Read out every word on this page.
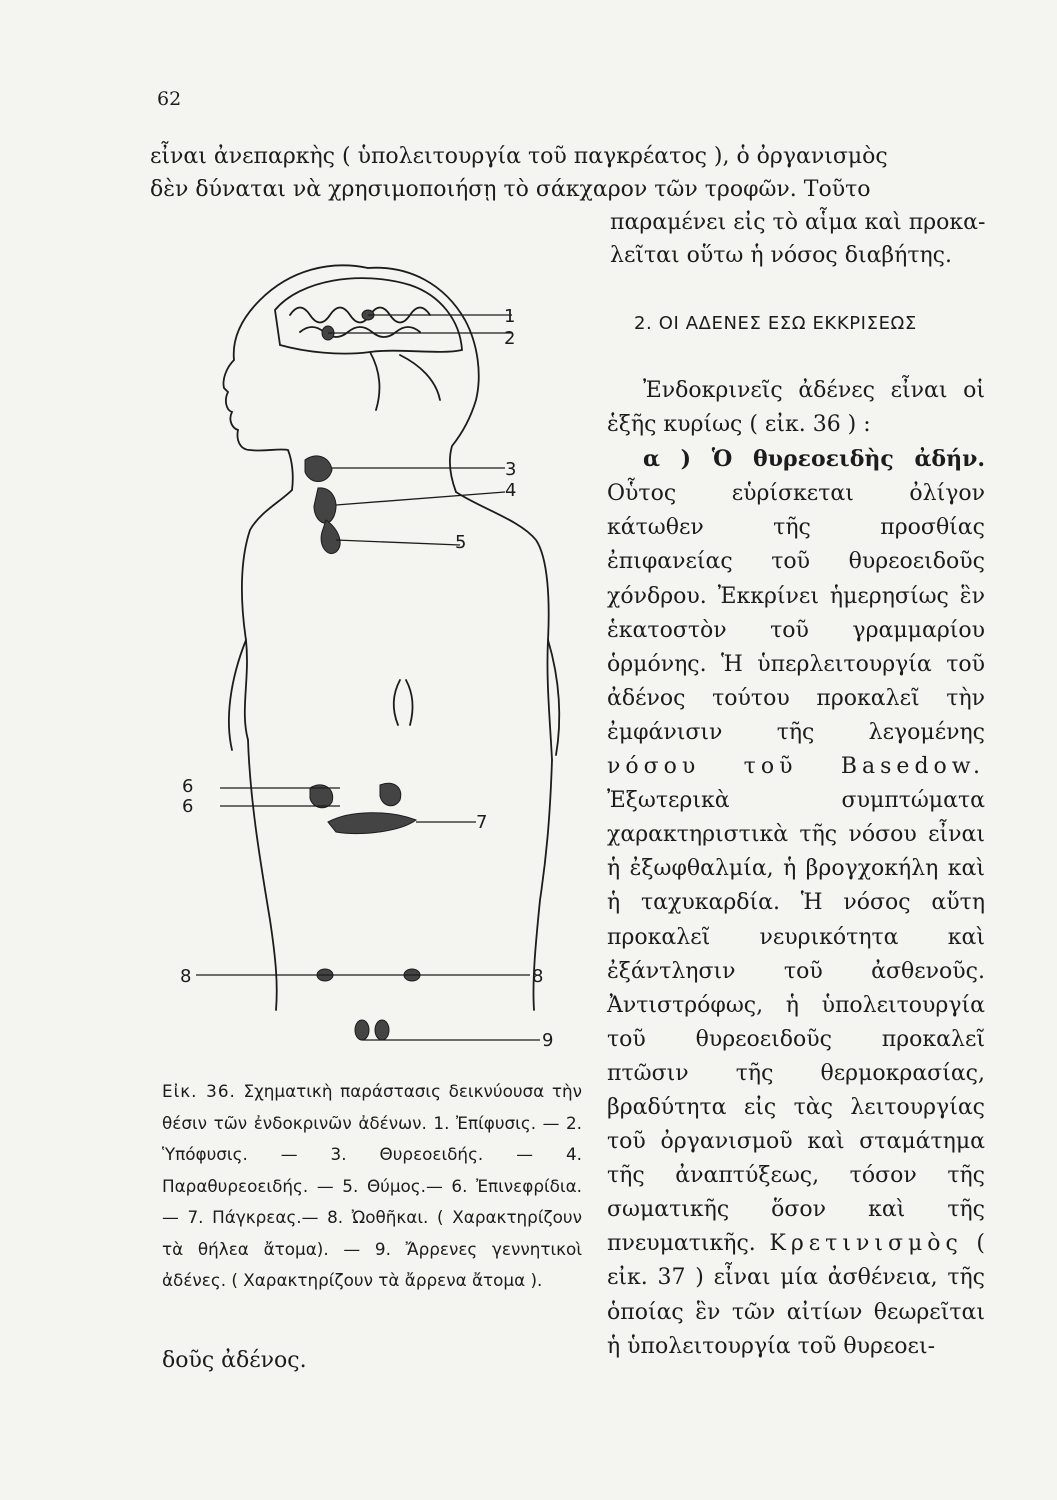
62
εἶναι ἀνεπαρκὴς ( ὑπολειτουργία τοῦ παγκρέατος ), ὁ ὀργανισμὸς
δὲν δύναται νὰ χρησιμοποιήσῃ τὸ σάκχαρον τῶν τροφῶν. Τοῦτο
παραμένει εἰς τὸ αἷμα καὶ προκα-
λεῖται οὕτω ἡ νόσος διαβήτης.
2. ΟΙ ΑΔΕΝΕΣ ΕΣΩ ΕΚΚΡΙΣΕΩΣ

Ἐνδοκρινεῖς ἀδένες εἶναι οἱ ἑξῆς κυρίως ( εἰκ. 36 ) :

α ) Ὁ θυρεοειδὴς ἀδήν. Οὗτος εὑρίσκεται ὀλίγον κάτωθεν τῆς προσθίας ἐπιφανείας τοῦ θυρεοειδοῦς χόνδρου. Ἐκκρίνει ἡμερησίως ἓν ἑκατοστὸν τοῦ γραμμαρίου ὁρμόνης. Ἡ ὑπερλειτουργία τοῦ ἀδένος τούτου προκαλεῖ τὴν ἐμφάνισιν τῆς λεγομένης νόσου τοῦ Basedow. Ἐξωτερικὰ συμπτώματα χαρακτηριστικὰ τῆς νόσου εἶναι ἡ ἐξωφθαλμία, ἡ βρογχοκήλη καὶ ἡ ταχυκαρδία. Ἡ νόσος αὕτη προκαλεῖ νευρικότητα καὶ ἐξάντλησιν τοῦ ἀσθενοῦς. Ἀντιστρόφως, ἡ ὑπολειτουργία τοῦ θυρεοειδοῦς προκαλεῖ πτῶσιν τῆς θερμοκρασίας, βραδύτητα εἰς τὰς λειτουργίας τοῦ ὀργανισμοῦ καὶ σταμάτημα τῆς ἀναπτύξεως, τόσον τῆς σωματικῆς ὅσον καὶ τῆς πνευματικῆς. Κρετινισμὸς ( εἰκ. 37 ) εἶναι μία ἀσθένεια, τῆς ὁποίας ἓν τῶν αἰτίων θεωρεῖται ἡ ὑπολειτουργία τοῦ θυρεοει-

1
2
3
4
5
6
6
7
8	8
9
Εἰκ. 36. Σχηματικὴ παράστασις δεικνύουσα τὴν θέσιν τῶν ἐνδοκρινῶν ἀδένων. 1. Ἐπίφυσις. — 2. Ὑπόφυσις. — 3. Θυρεοειδής. — 4. Παραθυρεοειδής. — 5. Θύμος.— 6. Ἐπινεφρίδια.— 7. Πάγκρεας.— 8. Ὠοθῆκαι. ( Χαρακτηρίζουν τὰ θήλεα ἄτομα). — 9. Ἄρρενες γεννητικοὶ ἀδένες. ( Χαρακτηρίζουν τὰ ἄρρενα ἄτομα ).
δοῦς ἀδένος.
